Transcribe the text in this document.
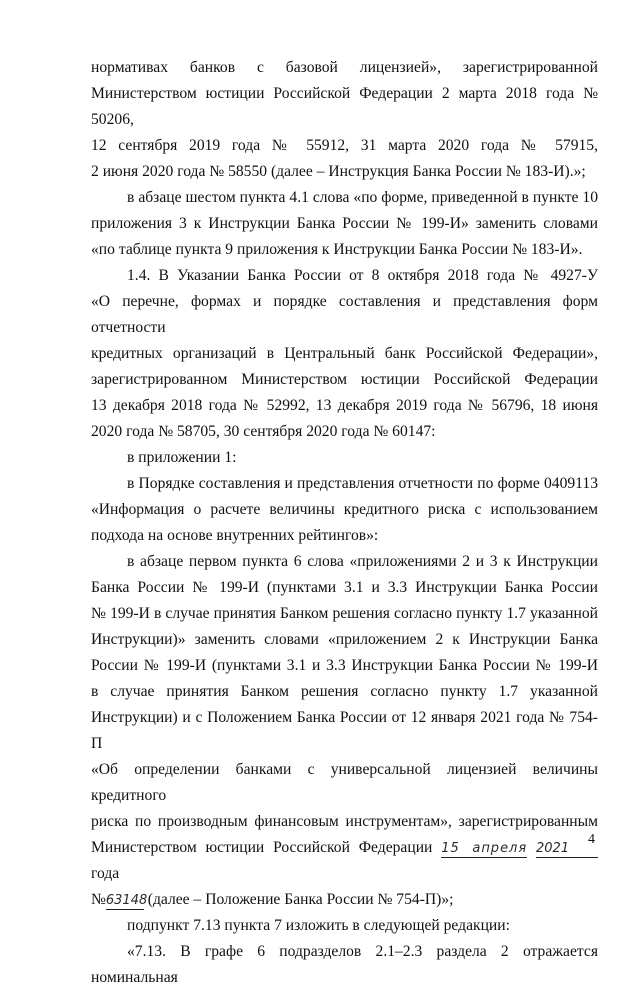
нормативах банков с базовой лицензией», зарегистрированной

Министерством юстиции Российской Федерации 2 марта 2018 года № 50206,

12 сентября 2019 года № 55912, 31 марта 2020 года № 57915,

2 июня 2020 года № 58550 (далее – Инструкция Банка России № 183-И).»;

в абзаце шестом пункта 4.1 слова «по форме, приведенной в пункте 10

приложения 3 к Инструкции Банка России № 199-И» заменить словами

«по таблице пункта 9 приложения к Инструкции Банка России № 183-И».

1.4. В Указании Банка России от 8 октября 2018 года № 4927-У

«О перечне, формах и порядке составления и представления форм отчетности

кредитных организаций в Центральный банк Российской Федерации»,

зарегистрированном Министерством юстиции Российской Федерации

13 декабря 2018 года № 52992, 13 декабря 2019 года № 56796, 18 июня

2020 года № 58705, 30 сентября 2020 года № 60147:

в приложении 1:

в Порядке составления и представления отчетности по форме 0409113

«Информация о расчете величины кредитного риска с использованием

подхода на основе внутренних рейтингов»:

в абзаце первом пункта 6 слова «приложениями 2 и 3 к Инструкции

Банка России № 199-И (пунктами 3.1 и 3.3 Инструкции Банка России

№ 199-И в случае принятия Банком решения согласно пункту 1.7 указанной

Инструкции)» заменить словами «приложением 2 к Инструкции Банка

России № 199-И (пунктами 3.1 и 3.3 Инструкции Банка России № 199-И

в случае принятия Банком решения согласно пункту 1.7 указанной

Инструкции) и с Положением Банка России от 12 января 2021 года № 754-П

«Об определении банками с универсальной лицензией величины кредитного

риска по производным финансовым инструментам», зарегистрированным

Министерством юстиции Российской Федерации 15 апреля 2021 года

№63148 (далее – Положение Банка России № 754-П)»;

подпункт 7.13 пункта 7 изложить в следующей редакции:

«7.13. В графе 6 подразделов 2.1–2.3 раздела 2 отражается номинальная

4
